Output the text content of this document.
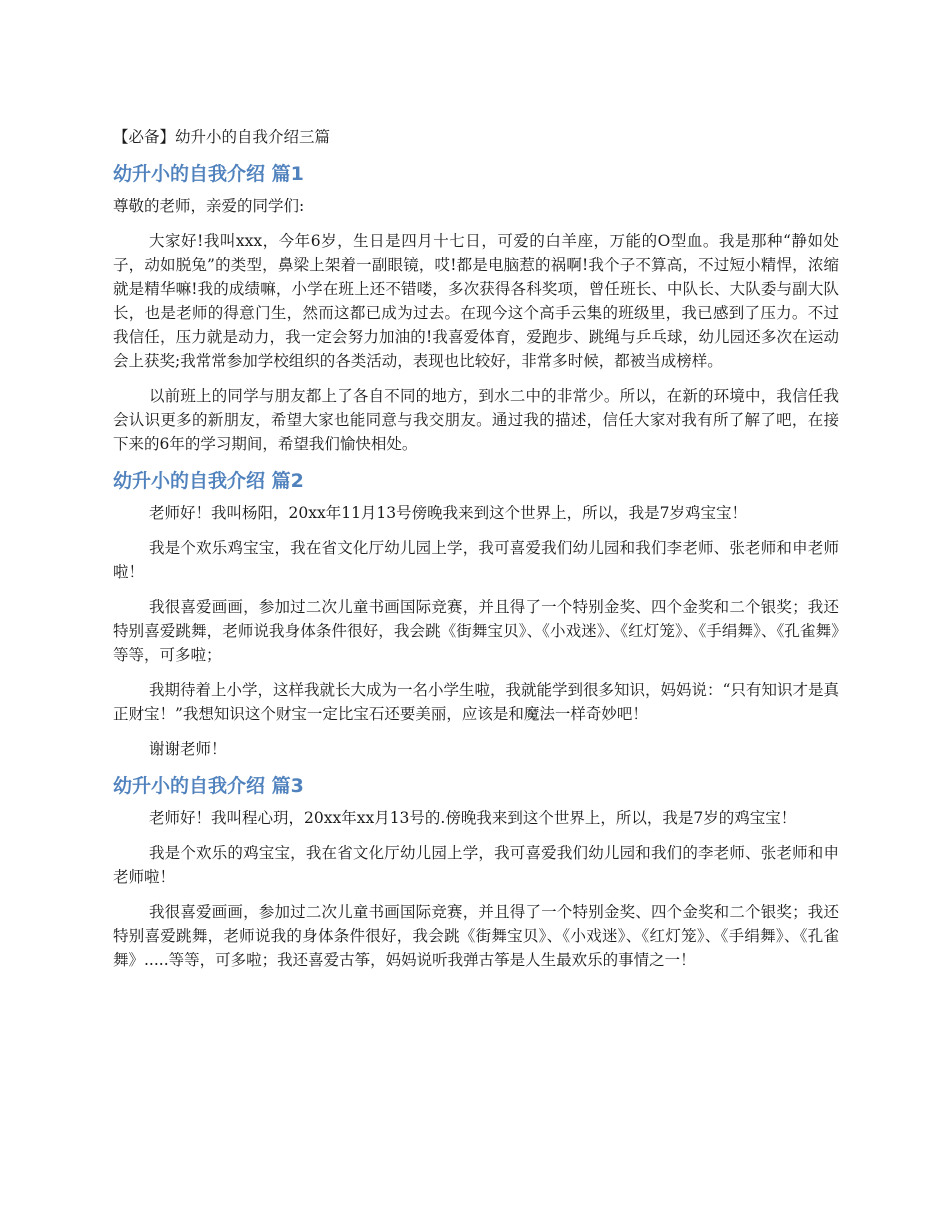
【必备】幼升小的自我介绍三篇
幼升小的自我介绍 篇1

尊敬的老师，亲爱的同学们:

大家好!我叫xxx，今年6岁，生日是四月十七日，可爱的白羊座，万能的O型血。我是那种“静如处子，动如脱兔”的类型，鼻梁上架着一副眼镜，哎!都是电脑惹的祸啊!我个子不算高，不过短小精悍，浓缩就是精华嘛!我的成绩嘛，小学在班上还不错喽，多次获得各科奖项，曾任班长、中队长、大队委与副大队长，也是老师的得意门生，然而这都已成为过去。在现今这个高手云集的班级里，我已感到了压力。不过我信任，压力就是动力，我一定会努力加油的!我喜爱体育，爱跑步、跳绳与乒乓球，幼儿园还多次在运动会上获奖;我常常参加学校组织的各类活动，表现也比较好，非常多时候，都被当成榜样。

以前班上的同学与朋友都上了各自不同的地方，到水二中的非常少。所以，在新的环境中，我信任我会认识更多的新朋友，希望大家也能同意与我交朋友。通过我的描述，信任大家对我有所了解了吧，在接下来的6年的学习期间，希望我们愉快相处。

幼升小的自我介绍 篇2

老师好！我叫杨阳，20xx年11月13号傍晚我来到这个世界上，所以，我是7岁鸡宝宝！

我是个欢乐鸡宝宝，我在省文化厅幼儿园上学，我可喜爱我们幼儿园和我们李老师、张老师和申老师啦！

我很喜爱画画，参加过二次儿童书画国际竞赛，并且得了一个特别金奖、四个金奖和二个银奖；我还特别喜爱跳舞，老师说我身体条件很好，我会跳《街舞宝贝》、《小戏迷》、《红灯笼》、《手绢舞》、《孔雀舞》等等，可多啦；

我期待着上小学，这样我就长大成为一名小学生啦，我就能学到很多知识，妈妈说：“只有知识才是真正财宝！”我想知识这个财宝一定比宝石还要美丽，应该是和魔法一样奇妙吧！

谢谢老师！

幼升小的自我介绍 篇3

老师好！我叫程心玥，20xx年xx月13号的.傍晚我来到这个世界上，所以，我是7岁的鸡宝宝！

我是个欢乐的鸡宝宝，我在省文化厅幼儿园上学，我可喜爱我们幼儿园和我们的李老师、张老师和申老师啦！

我很喜爱画画，参加过二次儿童书画国际竞赛，并且得了一个特别金奖、四个金奖和二个银奖；我还特别喜爱跳舞，老师说我的身体条件很好，我会跳《街舞宝贝》、《小戏迷》、《红灯笼》、《手绢舞》、《孔雀舞》.....等等，可多啦；我还喜爱古筝，妈妈说听我弹古筝是人生最欢乐的事情之一！
